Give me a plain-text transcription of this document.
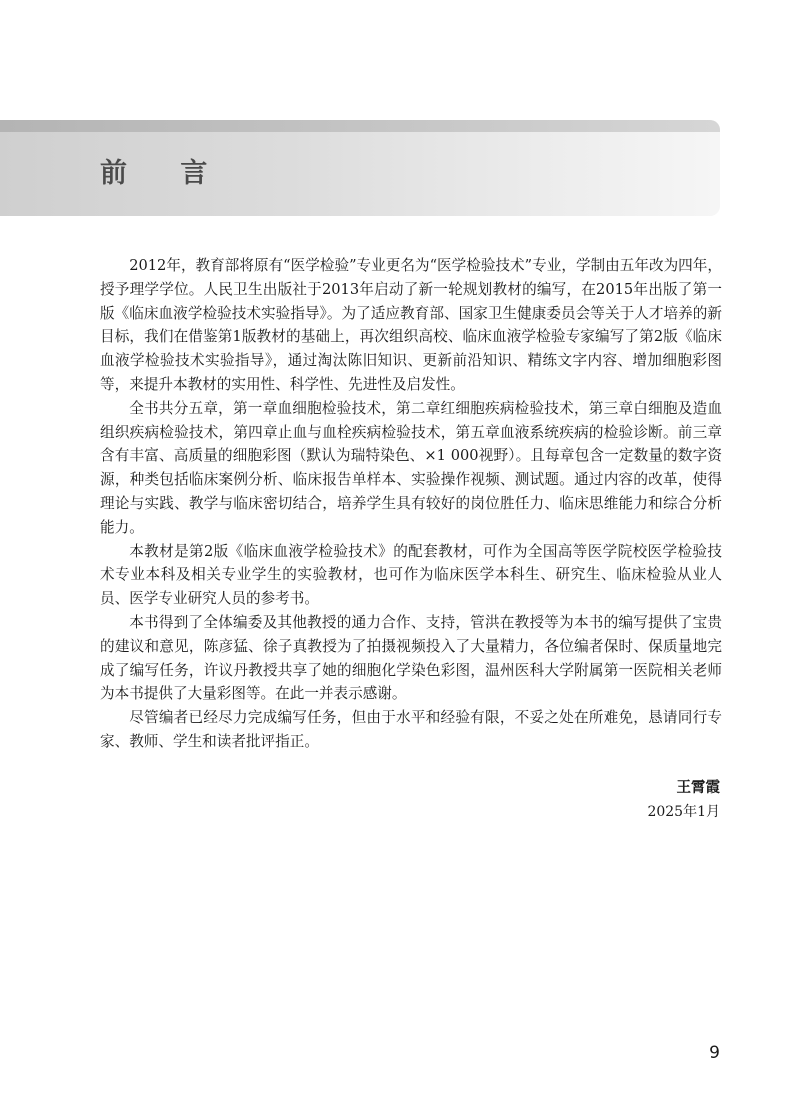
前 言

2012年，教育部将原有“医学检验”专业更名为“医学检验技术”专业，学制由五年改为四年，授予理学学位。人民卫生出版社于2013年启动了新一轮规划教材的编写，在2015年出版了第一版《临床血液学检验技术实验指导》。为了适应教育部、国家卫生健康委员会等关于人才培养的新目标，我们在借鉴第1版教材的基础上，再次组织高校、临床血液学检验专家编写了第2版《临床血液学检验技术实验指导》，通过淘汰陈旧知识、更新前沿知识、精练文字内容、增加细胞彩图等，来提升本教材的实用性、科学性、先进性及启发性。

全书共分五章，第一章血细胞检验技术，第二章红细胞疾病检验技术，第三章白细胞及造血组织疾病检验技术，第四章止血与血栓疾病检验技术，第五章血液系统疾病的检验诊断。前三章含有丰富、高质量的细胞彩图（默认为瑞特染色、×1 000视野）。且每章包含一定数量的数字资源，种类包括临床案例分析、临床报告单样本、实验操作视频、测试题。通过内容的改革，使得理论与实践、教学与临床密切结合，培养学生具有较好的岗位胜任力、临床思维能力和综合分析能力。

本教材是第2版《临床血液学检验技术》的配套教材，可作为全国高等医学院校医学检验技术专业本科及相关专业学生的实验教材，也可作为临床医学本科生、研究生、临床检验从业人员、医学专业研究人员的参考书。

本书得到了全体编委及其他教授的通力合作、支持，管洪在教授等为本书的编写提供了宝贵的建议和意见，陈彦猛、徐子真教授为了拍摄视频投入了大量精力，各位编者保时、保质量地完成了编写任务，许议丹教授共享了她的细胞化学染色彩图，温州医科大学附属第一医院相关老师为本书提供了大量彩图等。在此一并表示感谢。

尽管编者已经尽力完成编写任务，但由于水平和经验有限，不妥之处在所难免，恳请同行专家、教师、学生和读者批评指正。

王霄霞

2025年1月

9
